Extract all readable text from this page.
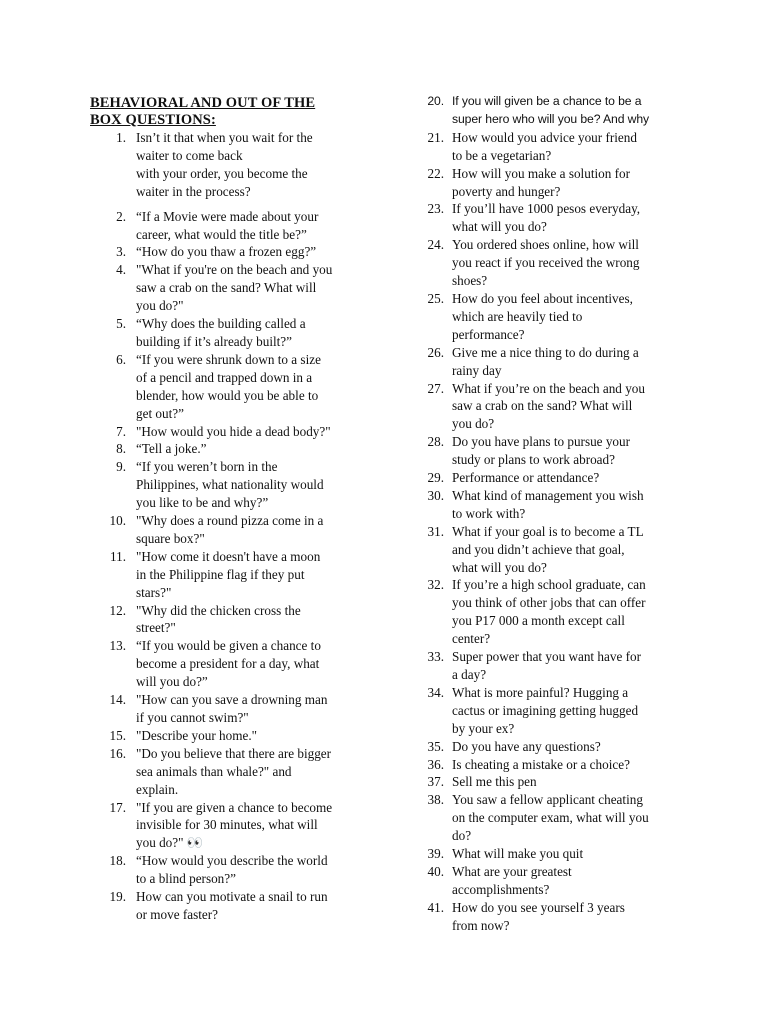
BEHAVIORAL AND OUT OF THE BOX QUESTIONS:
1. Isn’t it that when you wait for the
waiter to come back
with your order, you become the
waiter in the process?
2. “If a Movie were made about your
career, what would the title be?”
3. “How do you thaw a frozen egg?”
4. "What if you're on the beach and you
saw a crab on the sand? What will
you do?"
5. “Why does the building called a
building if it’s already built?”
6. “If you were shrunk down to a size
of a pencil and trapped down in a
blender, how would you be able to
get out?”
7. "How would you hide a dead body?"
8. “Tell a joke.”
9. “If you weren’t born in the
Philippines, what nationality would
you like to be and why?”
10. "Why does a round pizza come in a
square box?"
11. "How come it doesn't have a moon
in the Philippine flag if they put
stars?"
12. "Why did the chicken cross the
street?"
13. “If you would be given a chance to
become a president for a day, what
will you do?”
14. "How can you save a drowning man
if you cannot swim?"
15. "Describe your home."
16. "Do you believe that there are bigger
sea animals than whale?" and
explain.
17. "If you are given a chance to become
invisible for 30 minutes, what will
you do?" 👀
18. “How would you describe the world
to a blind person?”
19. How can you motivate a snail to run
or move faster?
20. If you will given be a chance to be a
super hero who will you be? And why
21. How would you advice your friend
to be a vegetarian?
22. How will you make a solution for
poverty and hunger?
23. If you’ll have 1000 pesos everyday,
what will you do?
24. You ordered shoes online, how will
you react if you received the wrong
shoes?
25. How do you feel about incentives,
which are heavily tied to
performance?
26. Give me a nice thing to do during a
rainy day
27. What if you’re on the beach and you
saw a crab on the sand? What will
you do?
28. Do you have plans to pursue your
study or plans to work abroad?
29. Performance or attendance?
30. What kind of management you wish
to work with?
31. What if your goal is to become a TL
and you didn’t achieve that goal,
what will you do?
32. If you’re a high school graduate, can
you think of other jobs that can offer
you P17 000 a month except call
center?
33. Super power that you want have for
a day?
34. What is more painful? Hugging a
cactus or imagining getting hugged
by your ex?
35. Do you have any questions?
36. Is cheating a mistake or a choice?
37. Sell me this pen
38. You saw a fellow applicant cheating
on the computer exam, what will you
do?
39. What will make you quit
40. What are your greatest
accomplishments?
41. How do you see yourself 3 years
from now?
